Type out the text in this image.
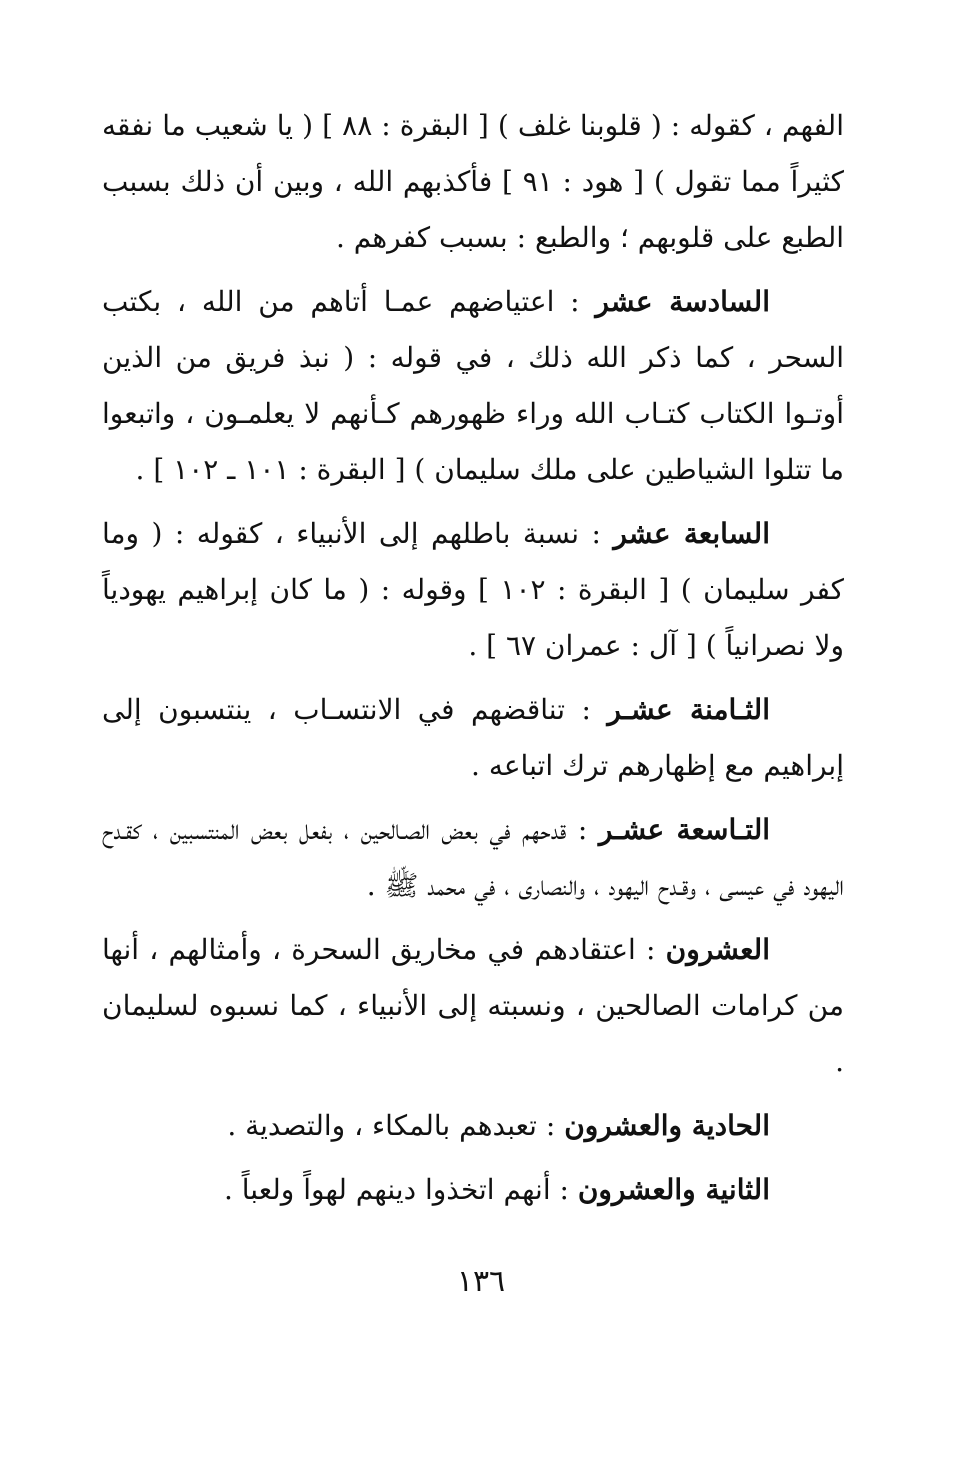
الفهم ، كقوله : ( قلوبنا غلف ) [ البقرة : ٨٨ ] ( يا شعيب ما نفقه كثيراً مما تقول ) [ هود : ٩١ ] فأكذبهم الله ، وبين أن ذلك بسبب الطبع على قلوبهم ؛ والطبع : بسبب كفرهم .

السادسة عشر : اعتياضهم عمـا أتاهم من الله ، بكتب السحر ، كما ذكر الله ذلك ، في قوله : ( نبذ فريق من الذين أوتـوا الكتاب كتـاب الله وراء ظهورهم كـأنهم لا يعلمـون ، واتبعوا ما تتلوا الشياطين على ملك سليمان ) [ البقرة : ١٠١ ـ ١٠٢ ] .

السابعة عشر : نسبة باطلهم إلى الأنبياء ، كقوله : ( وما كفر سليمان ) [ البقرة : ١٠٢ ] وقوله : ( ما كان إبراهيم يهودياً ولا نصرانياً ) [ آل : عمران ٦٧ ] .

الثـامنة عشـر : تناقضهم في الانتسـاب ، ينتسبون إلى إبراهيم مع إظهارهم ترك اتباعه .

التـاسعة عشـر : قدحهم في بعض الصـالحين ، بفعل بعض المنتسبين ، كقـدح اليهود في عيسى ، وقـدح اليهود ، والنصارى ، في محمد ﷺ .

العشرون : اعتقادهم في مخاريق السحرة ، وأمثالهم ، أنها من كرامات الصالحين ، ونسبته إلى الأنبياء ، كما نسبوه لسليمان .

الحادية والعشرون : تعبدهم بالمكاء ، والتصدية .

الثانية والعشرون : أنهم اتخذوا دينهم لهواً ولعباً .

١٣٦
